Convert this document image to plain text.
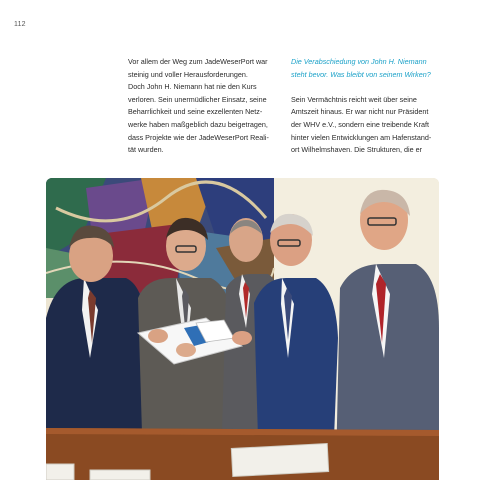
112
Vor allem der Weg zum JadeWeserPort war
steinig und voller Herausforderungen.
Doch John H. Niemann hat nie den Kurs
verloren. Sein unermüdlicher Einsatz, seine
Beharrlichkeit und seine exzellenten Netz-
werke haben maßgeblich dazu beigetragen,
dass Projekte wie der JadeWeserPort Reali-
tät wurden.
Die Verabschiedung von John H. Niemann
steht bevor. Was bleibt von seinem Wirken?
Sein Vermächtnis reicht weit über seine
Amtszeit hinaus. Er war nicht nur Präsident
der WHV e.V., sondern eine treibende Kraft
hinter vielen Entwicklungen am Hafenstand-
ort Wilhelmshaven. Die Strukturen, die er
